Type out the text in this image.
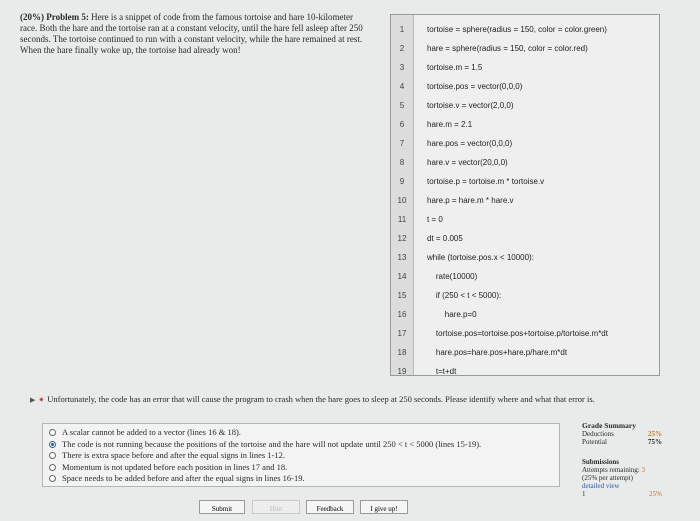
(20%) Problem 5: Here is a snippet of code from the famous tortoise and hare 10-kilometer race. Both the hare and the tortoise ran at a constant velocity, until the hare fell asleep after 250 seconds. The tortoise continued to run with a constant velocity, while the hare remained at rest. When the hare finally woke up, the tortoise had already won!
1	tortoise = sphere(radius = 150, color = color.green)
2	hare = sphere(radius = 150, color = color.red)
3	tortoise.m = 1.5
4	tortoise.pos = vector(0,0,0)
5	tortoise.v = vector(2,0,0)
6	hare.m = 2.1
7	hare.pos = vector(0,0,0)
8	hare.v = vector(20,0,0)
9	tortoise.p = tortoise.m * tortoise.v
10	hare.p = hare.m * hare.v
11	t = 0
12	dt = 0.005
13	while (tortoise.pos.x < 10000):
14	rate(10000)
15	if (250 < t < 5000):
16	hare.p=0
17	tortoise.pos=tortoise.pos+tortoise.p/tortoise.m*dt
18	hare.pos=hare.pos+hare.p/hare.m*dt
19	t=t+dt
▶ ✷ Unfortunately, the code has an error that will cause the program to crash when the hare goes to sleep at 250 seconds. Please identify where and what that error is.
A scalar cannot be added to a vector (lines 16 & 18).
The code is not running because the positions of the tortoise and the hare will not update until 250 < t < 5000 (lines 15-19).
There is extra space before and after the equal signs in lines 1-12.
Momentum is not updated before each position in lines 17 and 18.
Space needs to be added before and after the equal signs in lines 16-19.
Grade Summary
Deductions	25%
Potential	75%
Submissions
Attempts remaining: 3
(25% per attempt)
detailed view
1	25%
Submit	Hint	Feedback	I give up!
